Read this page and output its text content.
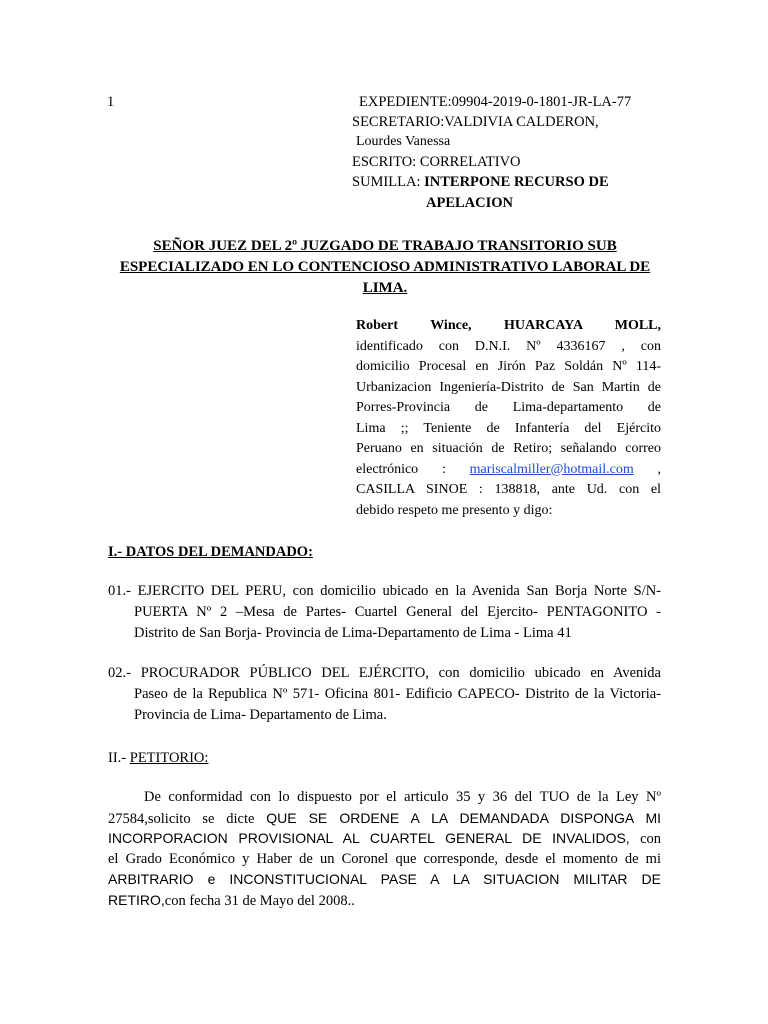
1	EXPEDIENTE:09904-2019-0-1801-JR-LA-77
SECRETARIO:VALDIVIA CALDERON,
Lourdes Vanessa
ESCRITO: CORRELATIVO
SUMILLA: INTERPONE RECURSO DE
APELACION
SEÑOR JUEZ DEL 2º JUZGADO DE TRABAJO TRANSITORIO SUB
ESPECIALIZADO EN LO CONTENCIOSO ADMINISTRATIVO LABORAL DE
LIMA.
Robert Wince, HUARCAYA MOLL,
identificado con D.N.I. Nº 4336167 , con
domicilio Procesal en Jirón Paz Soldán Nº 114-
Urbanizacion Ingeniería-Distrito de San Martin de
Porres-Provincia de Lima-departamento de
Lima ;; Teniente de Infantería del Ejército
Peruano en situación de Retiro; señalando correo
electrónico : mariscalmiller@hotmail.com ,
CASILLA SINOE : 138818, ante Ud. con el
debido respeto me presento y digo:
I.- DATOS DEL DEMANDADO:
01.- EJERCITO DEL PERU, con domicilio ubicado en la Avenida San Borja Norte S/N-
PUERTA Nº 2 –Mesa de Partes- Cuartel General del Ejercito- PENTAGONITO -
Distrito de San Borja- Provincia de Lima-Departamento de Lima - Lima 41
02.- PROCURADOR PÚBLICO DEL EJÉRCITO, con domicilio ubicado en Avenida
Paseo de la Republica Nº 571- Oficina 801- Edificio CAPECO- Distrito de la Victoria-
Provincia de Lima- Departamento de Lima.
II.- PETITORIO:
De conformidad con lo dispuesto por el articulo 35 y 36 del TUO de la Ley Nº
27584,solicito se dicte QUE SE ORDENE A LA DEMANDADA DISPONGA MI
INCORPORACION PROVISIONAL AL CUARTEL GENERAL DE INVALIDOS, con
el Grado Económico y Haber de un Coronel que corresponde, desde el momento de mi
ARBITRARIO e INCONSTITUCIONAL PASE A LA SITUACION MILITAR DE
RETIRO,con fecha 31 de Mayo del 2008..
